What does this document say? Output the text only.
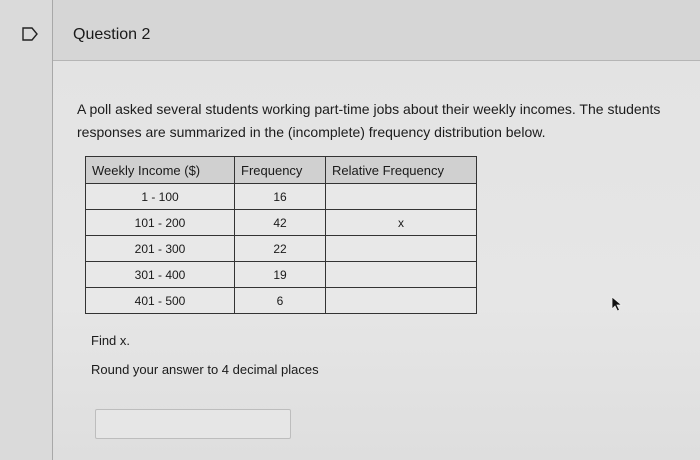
Question 2
A poll asked several students working part-time jobs about their weekly incomes. The students
responses are summarized in the (incomplete) frequency distribution below.
Weekly Income ($)	Frequency	Relative Frequency
1 - 100	16	
101 - 200	42	x
201 - 300	22	
301 - 400	19	
401 - 500	6	
Find x.
Round your answer to 4 decimal places
